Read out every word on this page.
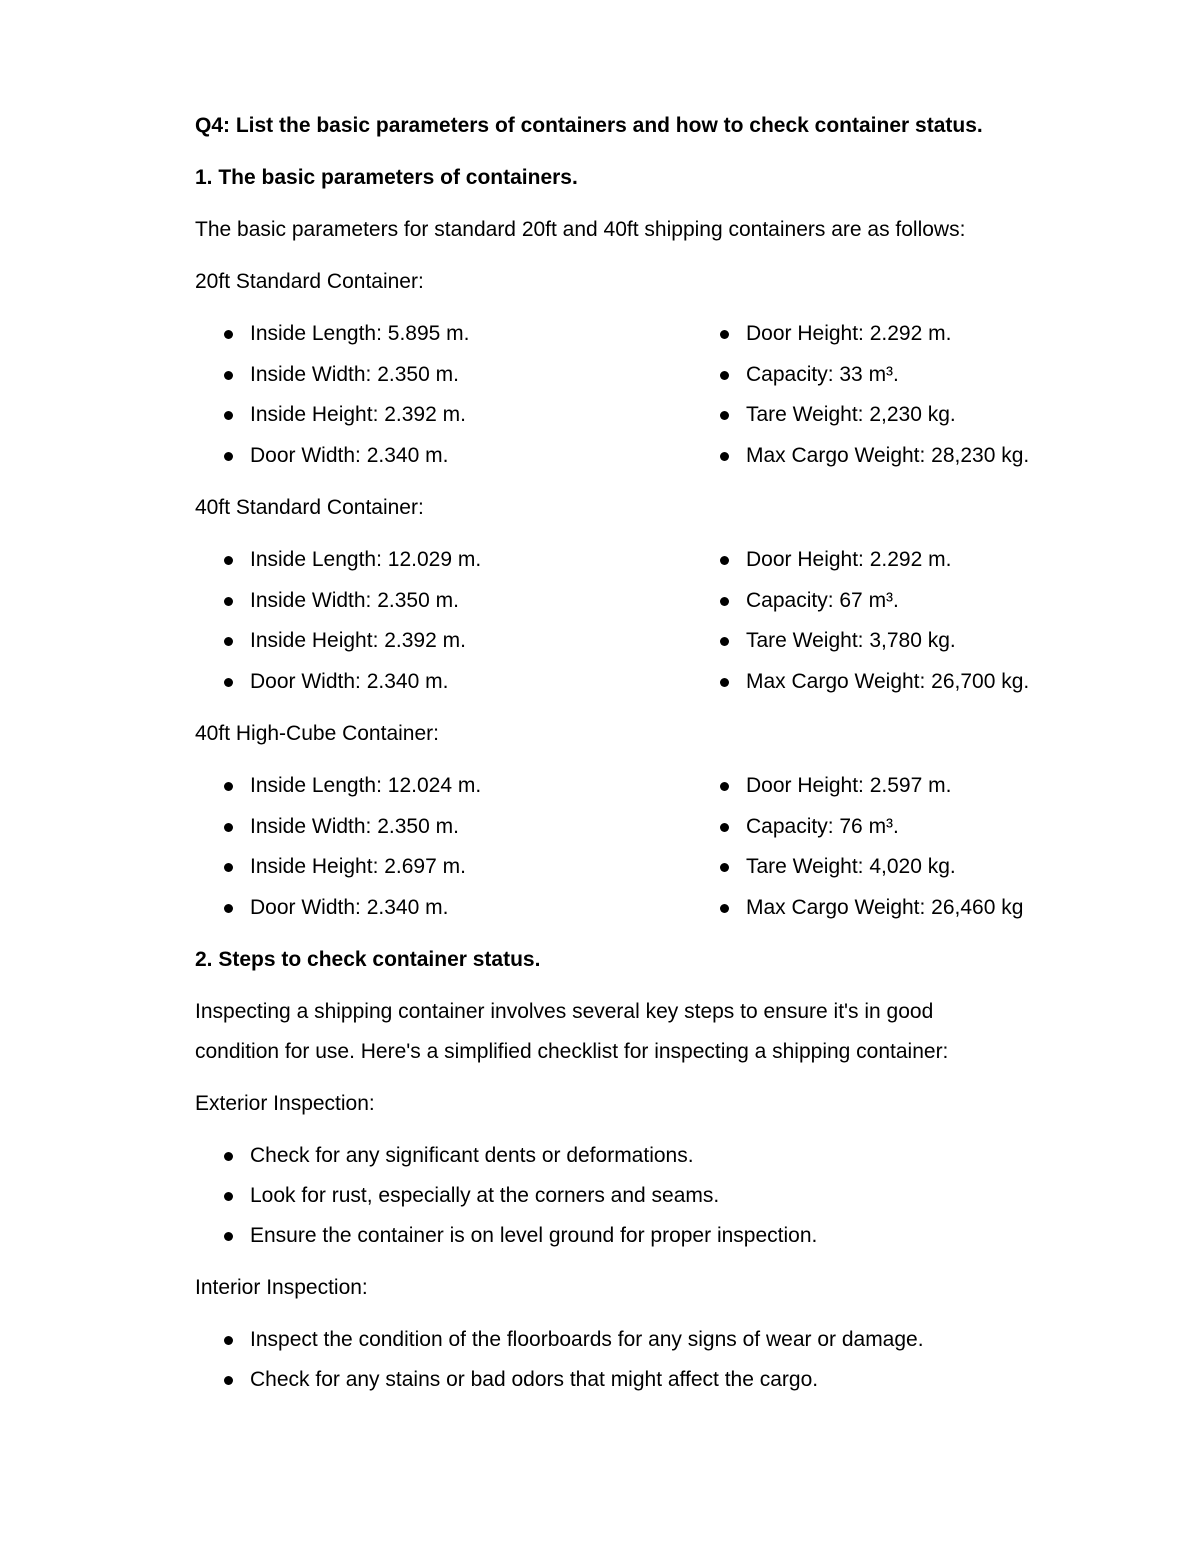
Q4: List the basic parameters of containers and how to check container status.
1. The basic parameters of containers.
The basic parameters for standard 20ft and 40ft shipping containers are as follows:
20ft Standard Container:
Inside Length: 5.895 m.
Inside Width: 2.350 m.
Inside Height: 2.392 m.
Door Width: 2.340 m.
Door Height: 2.292 m.
Capacity: 33 m³.
Tare Weight: 2,230 kg.
Max Cargo Weight: 28,230 kg.
40ft Standard Container:
Inside Length: 12.029 m.
Inside Width: 2.350 m.
Inside Height: 2.392 m.
Door Width: 2.340 m.
Door Height: 2.292 m.
Capacity: 67 m³.
Tare Weight: 3,780 kg.
Max Cargo Weight: 26,700 kg.
40ft High-Cube Container:
Inside Length: 12.024 m.
Inside Width: 2.350 m.
Inside Height: 2.697 m.
Door Width: 2.340 m.
Door Height: 2.597 m.
Capacity: 76 m³.
Tare Weight: 4,020 kg.
Max Cargo Weight: 26,460 kg
2. Steps to check container status.
Inspecting a shipping container involves several key steps to ensure it's in good
condition for use. Here's a simplified checklist for inspecting a shipping container:
Exterior Inspection:
Check for any significant dents or deformations.
Look for rust, especially at the corners and seams.
Ensure the container is on level ground for proper inspection.
Interior Inspection:
Inspect the condition of the floorboards for any signs of wear or damage.
Check for any stains or bad odors that might affect the cargo.
